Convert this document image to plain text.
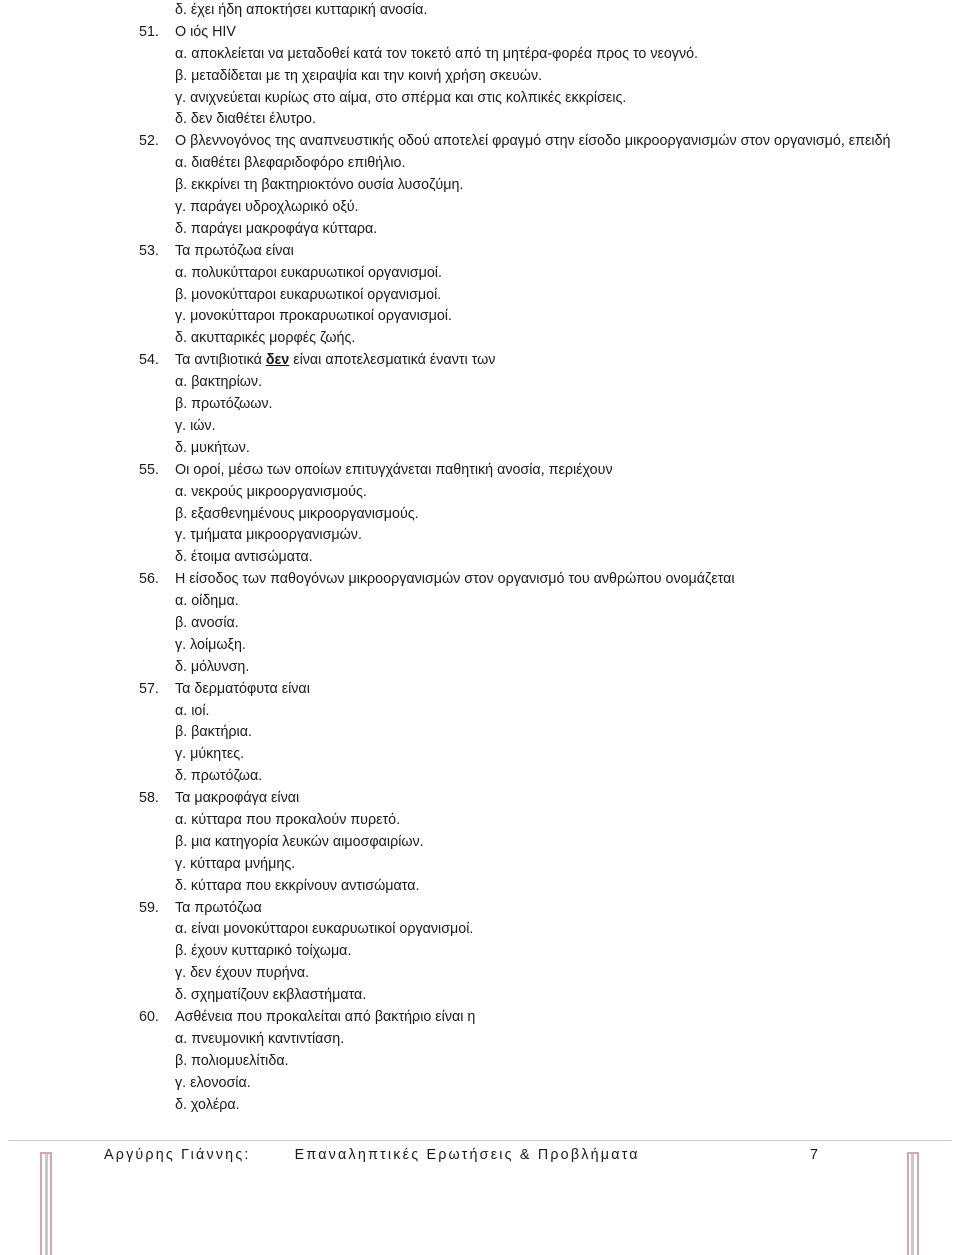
δ. έχει ήδη αποκτήσει κυτταρική ανοσία.
51. Ο ιός HIV
α. αποκλείεται να μεταδοθεί κατά τον τοκετό από τη μητέρα-φορέα προς το νεογνό.
β. μεταδίδεται με τη χειραψία και την κοινή χρήση σκευών.
γ. ανιχνεύεται κυρίως στο αίμα, στο σπέρμα και στις κολπικές εκκρίσεις.
δ. δεν διαθέτει έλυτρο.
52. Ο βλεννογόνος της αναπνευστικής οδού αποτελεί φραγμό στην είσοδο μικροοργανισμών στον οργανισμό, επειδή
α. διαθέτει βλεφαριδοφόρο επιθήλιο.
β. εκκρίνει τη βακτηριοκτόνο ουσία λυσοζύμη.
γ. παράγει υδροχλωρικό οξύ.
δ. παράγει μακροφάγα κύτταρα.
53. Τα πρωτόζωα είναι
α. πολυκύτταροι ευκαρυωτικοί οργανισμοί.
β. μονοκύτταροι ευκαρυωτικοί οργανισμοί.
γ. μονοκύτταροι προκαρυωτικοί οργανισμοί.
δ. ακυτταρικές μορφές ζωής.
54. Τα αντιβιοτικά δεν είναι αποτελεσματικά έναντι των
α. βακτηρίων.
β. πρωτόζωων.
γ. ιών.
δ. μυκήτων.
55. Οι οροί, μέσω των οποίων επιτυγχάνεται παθητική ανοσία, περιέχουν
α. νεκρούς μικροοργανισμούς.
β. εξασθενημένους μικροοργανισμούς.
γ. τμήματα μικροοργανισμών.
δ. έτοιμα αντισώματα.
56. Η είσοδος των παθογόνων μικροοργανισμών στον οργανισμό του ανθρώπου ονομάζεται
α. οίδημα.
β. ανοσία.
γ. λοίμωξη.
δ. μόλυνση.
57. Τα δερματόφυτα είναι
α. ιοί.
β. βακτήρια.
γ. μύκητες.
δ. πρωτόζωα.
58. Τα μακροφάγα είναι
α. κύτταρα που προκαλούν πυρετό.
β. μια κατηγορία λευκών αιμοσφαιρίων.
γ. κύτταρα μνήμης.
δ. κύτταρα που εκκρίνουν αντισώματα.
59. Τα πρωτόζωα
α. είναι μονοκύτταροι ευκαρυωτικοί οργανισμοί.
β. έχουν κυτταρικό τοίχωμα.
γ. δεν έχουν πυρήνα.
δ. σχηματίζουν εκβλαστήματα.
60. Ασθένεια που προκαλείται από βακτήριο είναι η
α. πνευμονική καντιντίαση.
β. πολιομυελίτιδα.
γ. ελονοσία.
δ. χολέρα.
Αργύρης Γιάννης:	Επαναληπτικές Ερωτήσεις & Προβλήματα	7
